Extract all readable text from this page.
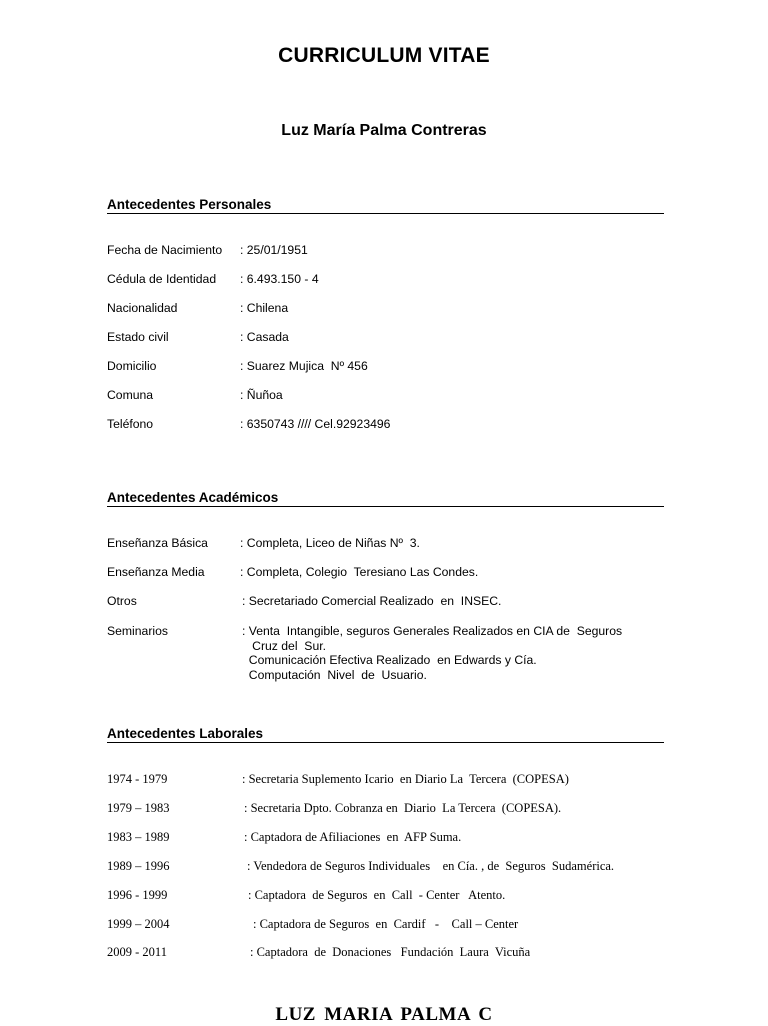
CURRICULUM VITAE
Luz María Palma Contreras
Antecedentes Personales
Fecha de Nacimiento : 25/01/1951
Cédula de Identidad : 6.493.150 - 4
Nacionalidad	: Chilena
Estado civil	: Casada
Domicilio	: Suarez Mujica  Nº 456
Comuna	: Ñuñoa
Teléfono	: 6350743 //// Cel.92923496
Antecedentes Académicos
Enseñanza Básica	: Completa, Liceo de Niñas Nº  3.
Enseñanza Media	: Completa, Colegio  Teresiano Las Condes.
Otros	: Secretariado Comercial Realizado  en  INSEC.
Seminarios	: Venta  Intangible, seguros Generales Realizados en CIA de  Seguros
Cruz del  Sur.
Comunicación Efectiva Realizado  en Edwards y Cía.
Computación  Nivel  de  Usuario.
Antecedentes Laborales
1974 - 1979	: Secretaria Suplemento Icario  en Diario La  Tercera  (COPESA)
1979 – 1983	: Secretaria Dpto. Cobranza en  Diario  La Tercera  (COPESA).
1983 – 1989	: Captadora de Afiliaciones  en  AFP Suma.
1989 – 1996	: Vendedora de Seguros Individuales    en Cía. , de  Seguros  Sudamérica.
1996 - 1999	: Captadora  de Seguros  en  Call  - Center   Atento.
1999 – 2004	: Captadora de Seguros  en  Cardif   -    Call – Center
2009 - 2011	: Captadora  de  Donaciones   Fundación  Laura  Vicuña
LUZ MARIA PALMA C
